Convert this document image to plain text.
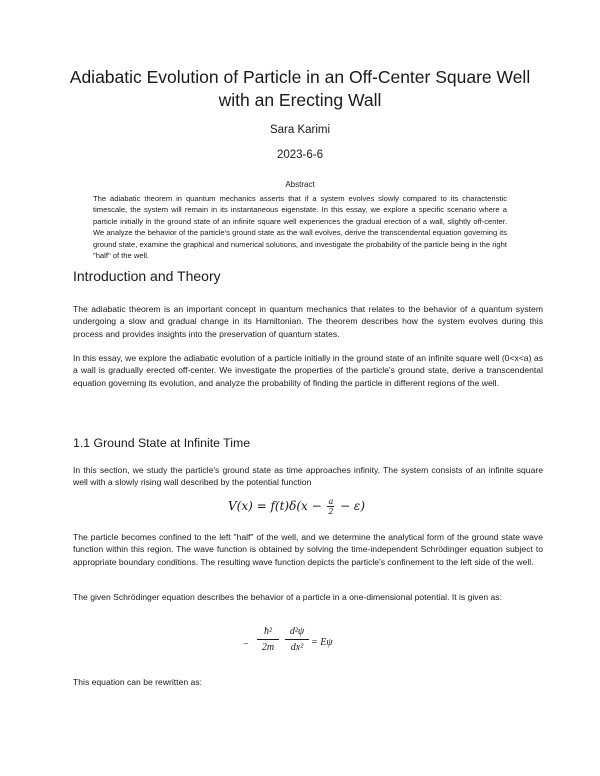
Adiabatic Evolution of Particle in an Off-Center Square Well with an Erecting Wall
Sara Karimi
2023-6-6
Abstract

The adiabatic theorem in quantum mechanics asserts that if a system evolves slowly compared to its characteristic timescale, the system will remain in its instantaneous eigenstate. In this essay, we explore a specific scenario where a particle initially in the ground state of an infinite square well experiences the gradual erection of a wall, slightly off-center. We analyze the behavior of the particle's ground state as the wall evolves, derive the transcendental equation governing its ground state, examine the graphical and numerical solutions, and investigate the probability of the particle being in the right "half" of the well.

Introduction and Theory

The adiabatic theorem is an important concept in quantum mechanics that relates to the behavior of a quantum system undergoing a slow and gradual change in its Hamiltonian. The theorem describes how the system evolves during this process and provides insights into the preservation of quantum states.

In this essay, we explore the adiabatic evolution of a particle initially in the ground state of an infinite square well (0<x<a) as a wall is gradually erected off-center. We investigate the properties of the particle's ground state, derive a transcendental equation governing its evolution, and analyze the probability of finding the particle in different regions of the well.

1.1 Ground State at Infinite Time

In this section, we study the particle's ground state as time approaches infinity. The system consists of an infinite square well with a slowly rising wall described by the potential function

$V(x) = f(t)\delta(x - \frac{a}{2} - \varepsilon)$

The particle becomes confined to the left "half" of the well, and we determine the analytical form of the ground state wave function within this region. The wave function is obtained by solving the time-independent Schrödinger equation subject to appropriate boundary conditions. The resulting wave function depicts the particle's confinement to the left side of the well.

The given Schrödinger equation describes the behavior of a particle in a one-dimensional potential. It is given as:

−
ħ²
2m
d²ψ
dx² = Eψ

This equation can be rewritten as:
